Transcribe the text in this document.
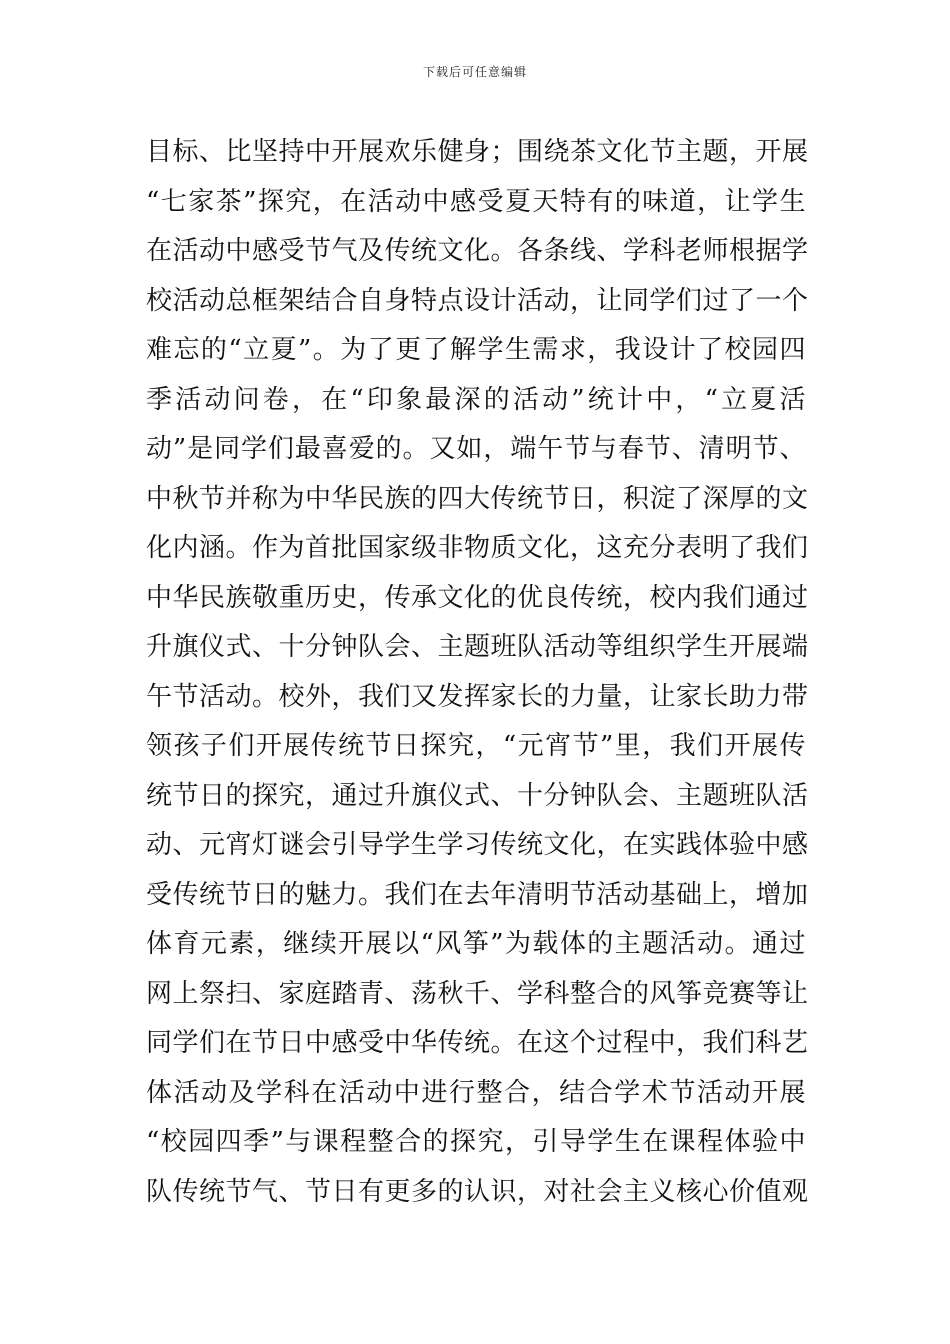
下载后可任意编辑
目标、比坚持中开展欢乐健身；围绕茶文化节主题，开展
“七家茶”探究，在活动中感受夏天特有的味道，让学生
在活动中感受节气及传统文化。各条线、学科老师根据学
校活动总框架结合自身特点设计活动，让同学们过了一个
难忘的“立夏”。为了更了解学生需求，我设计了校园四
季活动问卷，在“印象最深的活动”统计中，“立夏活
动”是同学们最喜爱的。又如，端午节与春节、清明节、
中秋节并称为中华民族的四大传统节日，积淀了深厚的文
化内涵。作为首批国家级非物质文化，这充分表明了我们
中华民族敬重历史，传承文化的优良传统，校内我们通过
升旗仪式、十分钟队会、主题班队活动等组织学生开展端
午节活动。校外，我们又发挥家长的力量，让家长助力带
领孩子们开展传统节日探究，“元宵节”里，我们开展传
统节日的探究，通过升旗仪式、十分钟队会、主题班队活
动、元宵灯谜会引导学生学习传统文化，在实践体验中感
受传统节日的魅力。我们在去年清明节活动基础上，增加
体育元素，继续开展以“风筝”为载体的主题活动。通过
网上祭扫、家庭踏青、荡秋千、学科整合的风筝竞赛等让
同学们在节日中感受中华传统。在这个过程中，我们科艺
体活动及学科在活动中进行整合，结合学术节活动开展
“校园四季”与课程整合的探究，引导学生在课程体验中
队传统节气、节日有更多的认识，对社会主义核心价值观
